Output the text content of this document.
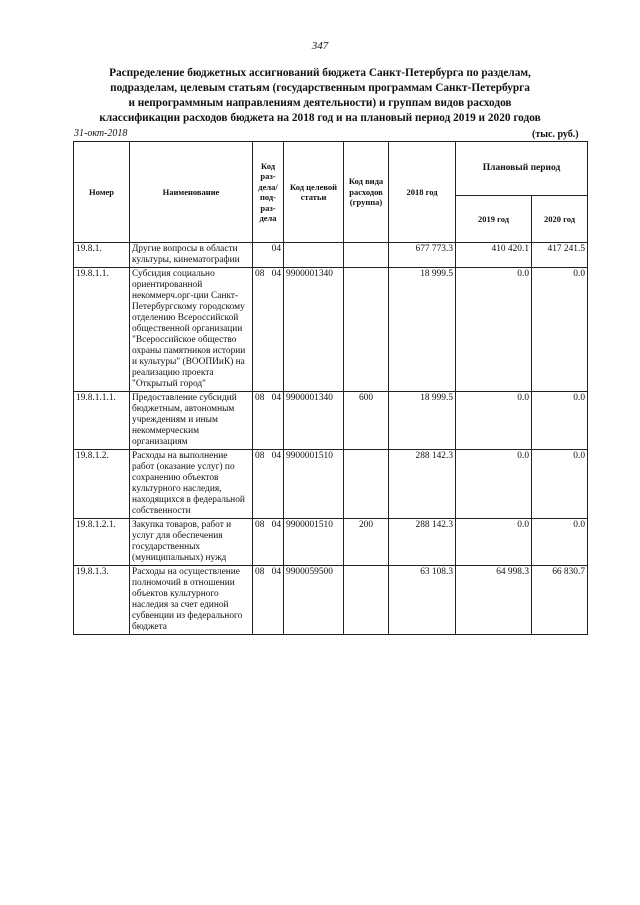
347
Распределение бюджетных ассигнований бюджета Санкт-Петербурга по разделам,
подразделам, целевым статьям (государственным программам Санкт-Петербурга
и непрограммным направлениям деятельности) и группам видов расходов
классификации расходов бюджета на 2018 год и на плановый период 2019 и 2020 годов
31-окт-2018	(тыс. руб.)
Номер	Наименование	Код раз-дела/ под-раз-дела		Код целевой статьи	Код вида расходов (группа)	2018 год	Плановый период	
							2019 год	2020 год
19.8.1.	Другие вопросы в области культуры, кинематографии		04			677 773.3	410 420.1	417 241.5
19.8.1.1.	Субсидия социально ориентированной некоммерч.орг-ции Санкт-Петербургскому городскому отделению Всероссийской общественной организации "Всероссийское общество охраны памятников истории и культуры" (ВООПИиК) на реализацию проекта "Открытый город"	08	04	9900001340		18 999.5	0.0	0.0
19.8.1.1.1.	Предоставление субсидий бюджетным, автономным учреждениям и иным некоммерческим организациям	08	04	9900001340	600	18 999.5	0.0	0.0
19.8.1.2.	Расходы на выполнение работ (оказание услуг) по сохранению объектов культурного наследия, находящихся в федеральной собственности	08	04	9900001510		288 142.3	0.0	0.0
19.8.1.2.1.	Закупка товаров, работ и услуг для обеспечения государственных (муниципальных) нужд	08	04	9900001510	200	288 142.3	0.0	0.0
19.8.1.3.	Расходы на осуществление полномочий в отношении объектов культурного наследия за счет единой субвенции из федерального бюджета	08	04	9900059500		63 108.3	64 998.3	66 830.7
